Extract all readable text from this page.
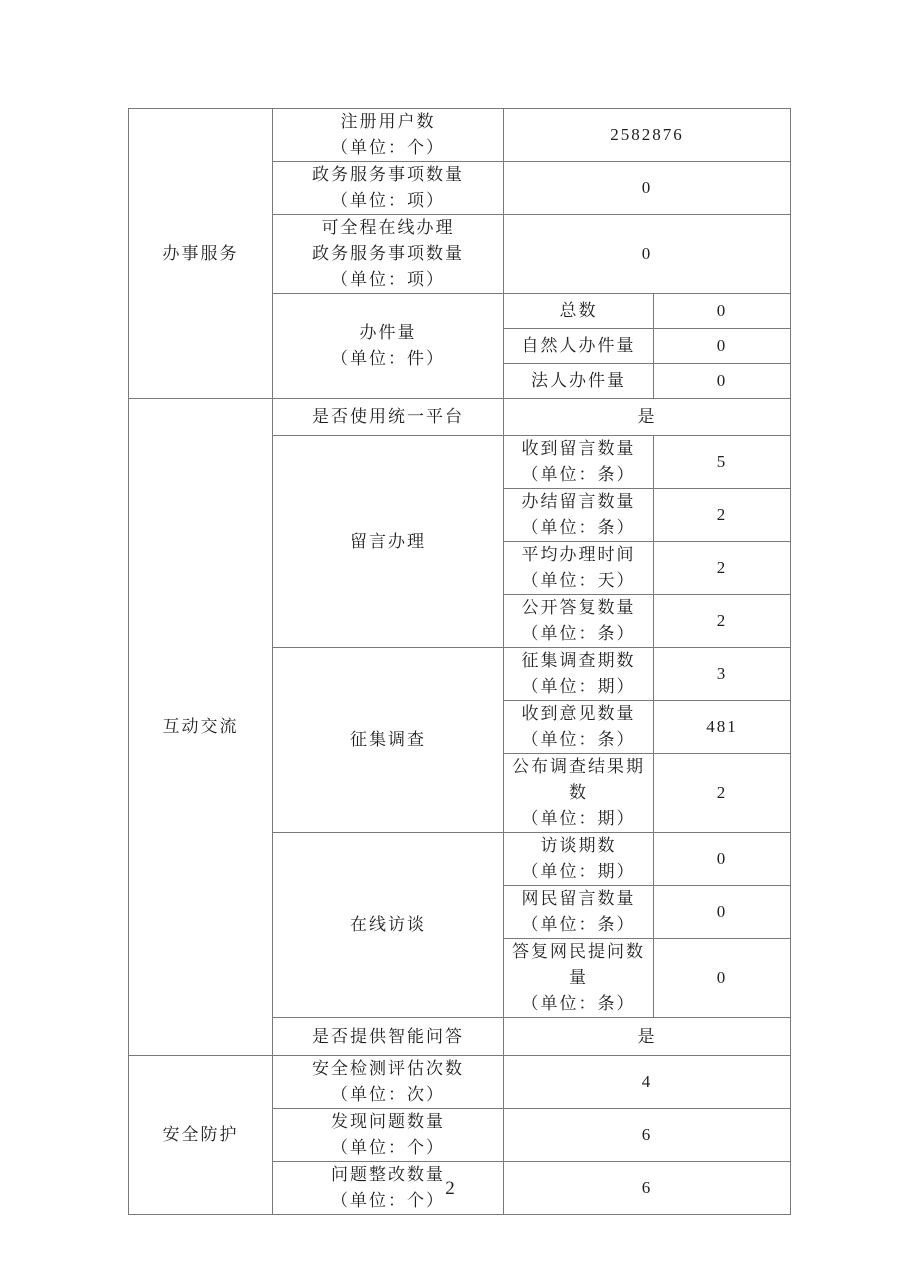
办事服务	注册用户数
（单位：个）	2582876	

	政务服务事项数量
（单位：项）	0	

	可全程在线办理
政务服务事项数量
（单位：项）	0	

	办件量
（单位：件）	总数	0

		自然人办件量	0

		法人办件量	0

互动交流	是否使用统一平台	是	

	留言办理	收到留言数量
（单位：条）	5

		办结留言数量
（单位：条）	2

		平均办理时间
（单位：天）	2

		公开答复数量
（单位：条）	2

	征集调查	征集调查期数
（单位：期）	3

		收到意见数量
（单位：条）	481

		公布调查结果期数
（单位：期）	2

	在线访谈	访谈期数
（单位：期）	0

		网民留言数量
（单位：条）	0

		答复网民提问数量
（单位：条）	0

	是否提供智能问答	是	

安全防护	安全检测评估次数
（单位：次）	4	

	发现问题数量
（单位：个）	6	

	问题整改数量
（单位：个）	6	
2
